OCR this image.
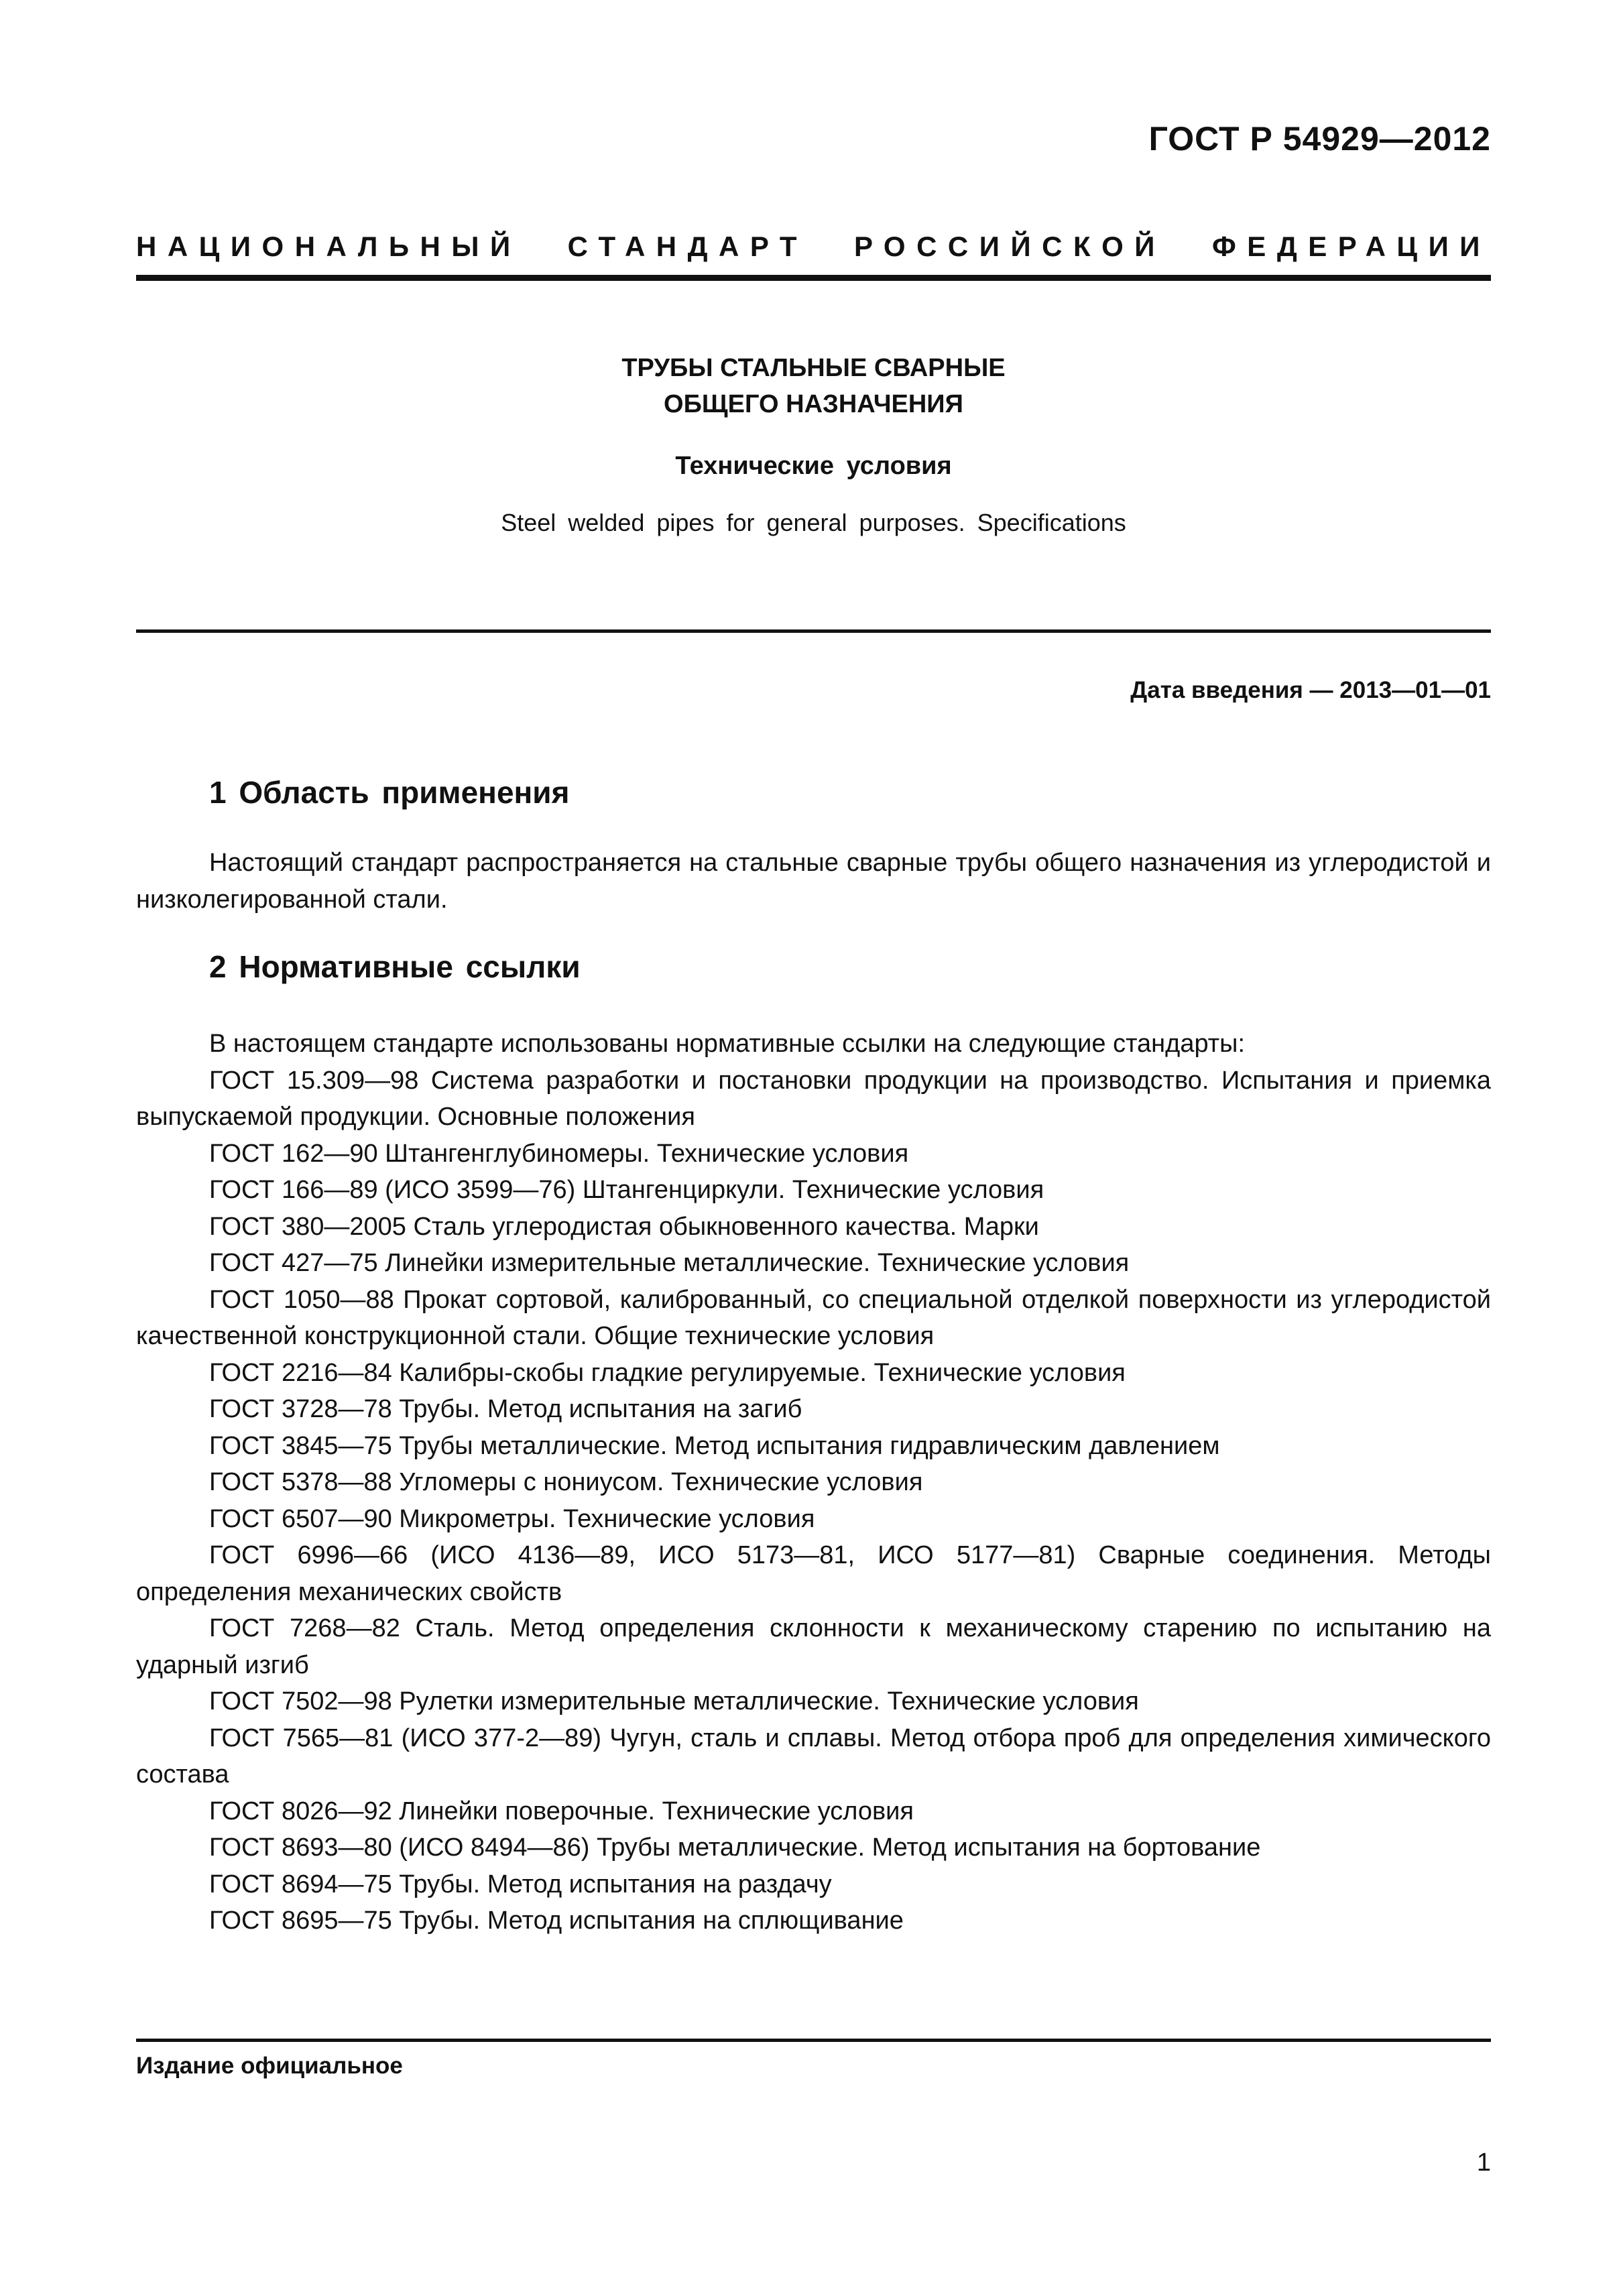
ГОСТ Р 54929—2012
НАЦИОНАЛЬНЫЙ СТАНДАРТ РОССИЙСКОЙ ФЕДЕРАЦИИ
ТРУБЫ СТАЛЬНЫЕ СВАРНЫЕ
ОБЩЕГО НАЗНАЧЕНИЯ
Технические условия
Steel welded pipes for general purposes. Specifications
Дата введения — 2013—01—01
1 Область применения
Настоящий стандарт распространяется на стальные сварные трубы общего назначения из углеродистой и низколегированной стали.
2 Нормативные ссылки
В настоящем стандарте использованы нормативные ссылки на следующие стандарты:
ГОСТ 15.309—98 Система разработки и постановки продукции на производство. Испытания и приемка выпускаемой продукции. Основные положения
ГОСТ 162—90 Штангенглубиномеры. Технические условия
ГОСТ 166—89 (ИСО 3599—76) Штангенциркули. Технические условия
ГОСТ 380—2005 Сталь углеродистая обыкновенного качества. Марки
ГОСТ 427—75 Линейки измерительные металлические. Технические условия
ГОСТ 1050—88 Прокат сортовой, калиброванный, со специальной отделкой поверхности из углеродистой качественной конструкционной стали. Общие технические условия
ГОСТ 2216—84 Калибры-скобы гладкие регулируемые. Технические условия
ГОСТ 3728—78 Трубы. Метод испытания на загиб
ГОСТ 3845—75 Трубы металлические. Метод испытания гидравлическим давлением
ГОСТ 5378—88 Угломеры с нониусом. Технические условия
ГОСТ 6507—90 Микрометры. Технические условия
ГОСТ 6996—66 (ИСО 4136—89, ИСО 5173—81, ИСО 5177—81) Сварные соединения. Методы определения механических свойств
ГОСТ 7268—82 Сталь. Метод определения склонности к механическому старению по испытанию на ударный изгиб
ГОСТ 7502—98 Рулетки измерительные металлические. Технические условия
ГОСТ 7565—81 (ИСО 377-2—89) Чугун, сталь и сплавы. Метод отбора проб для определения химического состава
ГОСТ 8026—92 Линейки поверочные. Технические условия
ГОСТ 8693—80 (ИСО 8494—86) Трубы металлические. Метод испытания на бортование
ГОСТ 8694—75 Трубы. Метод испытания на раздачу
ГОСТ 8695—75 Трубы. Метод испытания на сплющивание
Издание официальное
1
